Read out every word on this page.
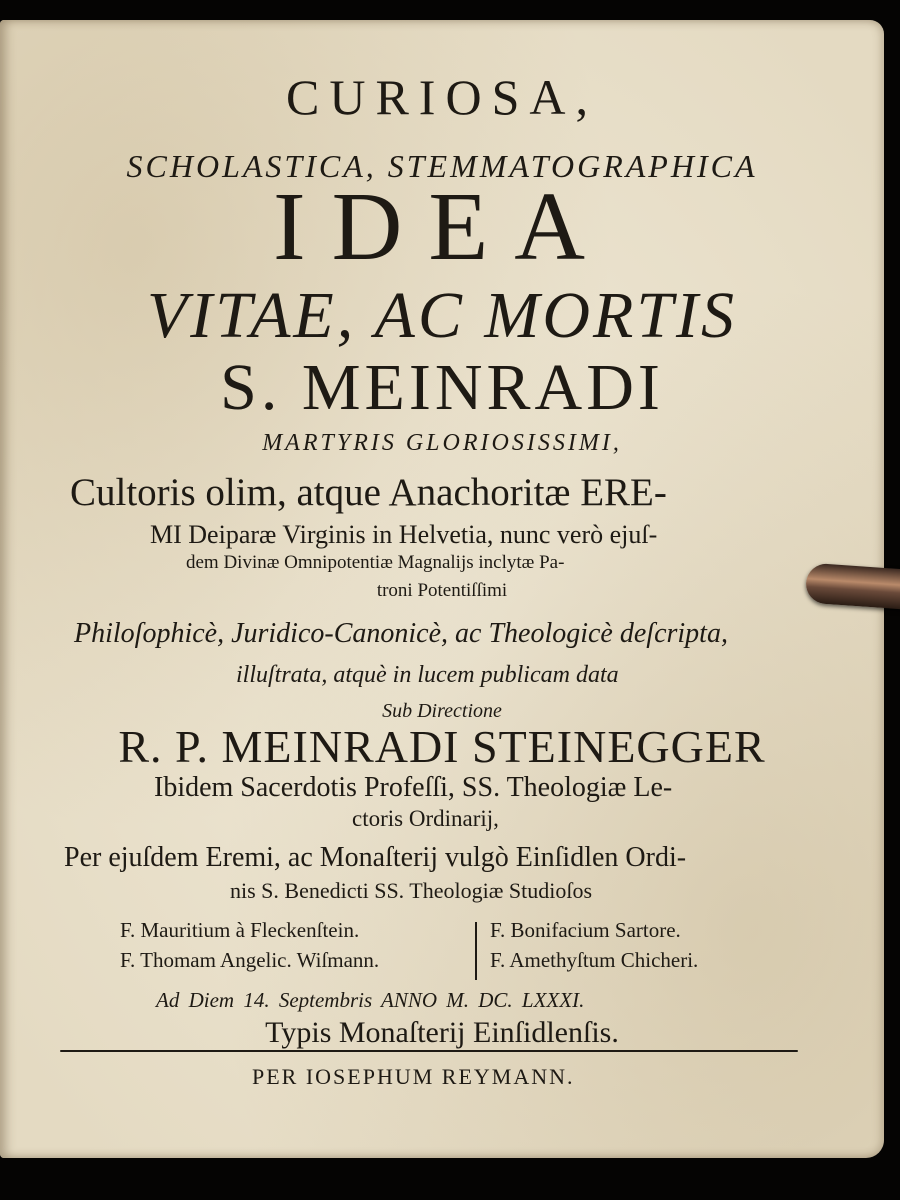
CURIOSA,

SCHOLASTICA, STEMMATOGRAPHICA

IDEA

VITAE, AC MORTIS

S. MEINRADI

MARTYRIS GLORIOSISSIMI,

Cultoris olim, atque Anachoritæ ERE-

MI Deiparæ Virginis in Helvetia, nunc verò ejuſ-

dem Divinæ Omnipotentiæ Magnalijs inclytæ Pa-

troni Potentiſſimi

Philoſophicè, Juridico-Canonicè, ac Theologicè deſcripta,

illuſtrata, atquè in lucem publicam data

Sub Directione

R. P. MEINRADI STEINEGGER

Ibidem Sacerdotis Profeſſi, SS. Theologiæ Le-

ctoris Ordinarij,

Per ejuſdem Eremi, ac Monaſterij vulgò Einſidlen Ordi-

nis S. Benedicti SS. Theologiæ Studioſos

F. Mauritium à Fleckenſtein.
F. Thomam Angelic. Wiſmann.
F. Bonifacium Sartore.
F. Amethyſtum Chicheri.

Ad Diem 14. Septembris ANNO M. DC. LXXXI.

Typis Monaſterij Einſidlenſis.

PER IOSEPHUM REYMANN.
